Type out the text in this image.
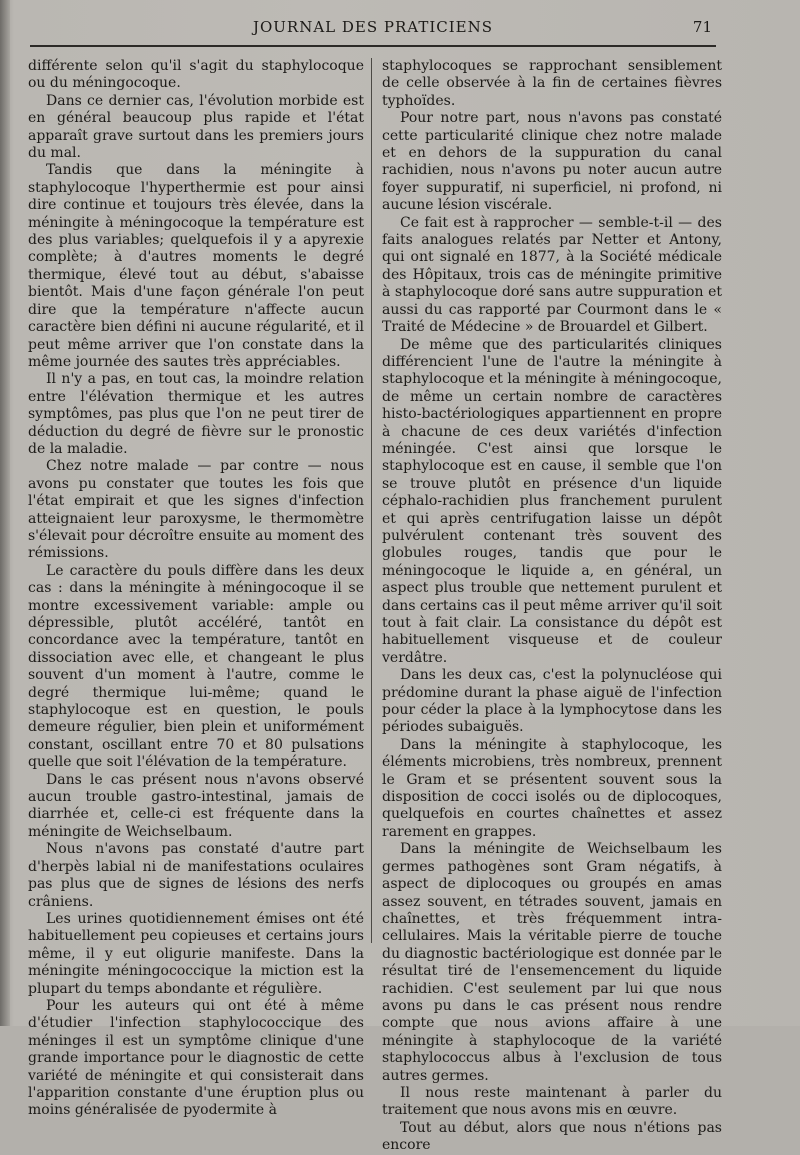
JOURNAL DES PRATICIENS	71

différente selon qu'il s'agit du staphylocoque ou du méningocoque.

Dans ce dernier cas, l'évolution morbide est en général beaucoup plus rapide et l'état apparaît grave surtout dans les premiers jours du mal.

Tandis que dans la méningite à staphylocoque l'hyperthermie est pour ainsi dire continue et toujours très élevée, dans la méningite à méningocoque la température est des plus variables; quelquefois il y a apyrexie complète; à d'autres moments le degré thermique, élevé tout au début, s'abaisse bientôt. Mais d'une façon générale l'on peut dire que la température n'affecte aucun caractère bien défini ni aucune régularité, et il peut même arriver que l'on constate dans la même journée des sautes très appréciables.

Il n'y a pas, en tout cas, la moindre relation entre l'élévation thermique et les autres symptômes, pas plus que l'on ne peut tirer de déduction du degré de fièvre sur le pronostic de la maladie.

Chez notre malade — par contre — nous avons pu constater que toutes les fois que l'état empirait et que les signes d'infection atteignaient leur paroxysme, le thermomètre s'élevait pour décroître ensuite au moment des rémissions.

Le caractère du pouls diffère dans les deux cas : dans la méningite à méningocoque il se montre excessivement variable: ample ou dépressible, plutôt accéléré, tantôt en concordance avec la température, tantôt en dissociation avec elle, et changeant le plus souvent d'un moment à l'autre, comme le degré thermique lui-même; quand le staphylocoque est en question, le pouls demeure régulier, bien plein et uniformément constant, oscillant entre 70 et 80 pulsations quelle que soit l'élévation de la température.

Dans le cas présent nous n'avons observé aucun trouble gastro-intestinal, jamais de diarrhée et, celle-ci est fréquente dans la méningite de Weichselbaum.

Nous n'avons pas constaté d'autre part d'herpès labial ni de manifestations oculaires pas plus que de signes de lésions des nerfs crâniens.

Les urines quotidiennement émises ont été habituellement peu copieuses et certains jours même, il y eut oligurie manifeste. Dans la méningite méningococcique la miction est la plupart du temps abondante et régulière.

Pour les auteurs qui ont été à même d'étudier l'infection staphylococcique des méninges il est un symptôme clinique d'une grande importance pour le diagnostic de cette variété de méningite et qui consisterait dans l'apparition constante d'une éruption plus ou moins généralisée de pyodermite à

staphylocoques se rapprochant sensiblement de celle observée à la fin de certaines fièvres typhoïdes.

Pour notre part, nous n'avons pas constaté cette particularité clinique chez notre malade et en dehors de la suppuration du canal rachidien, nous n'avons pu noter aucun autre foyer suppuratif, ni superficiel, ni profond, ni aucune lésion viscérale.

Ce fait est à rapprocher — semble-t-il — des faits analogues relatés par Netter et Antony, qui ont signalé en 1877, à la Société médicale des Hôpitaux, trois cas de méningite primitive à staphylocoque doré sans autre suppuration et aussi du cas rapporté par Courmont dans le « Traité de Médecine » de Brouardel et Gilbert.

De même que des particularités cliniques différencient l'une de l'autre la méningite à staphylocoque et la méningite à méningocoque, de même un certain nombre de caractères histo-bactériologiques appartiennent en propre à chacune de ces deux variétés d'infection méningée. C'est ainsi que lorsque le staphylocoque est en cause, il semble que l'on se trouve plutôt en présence d'un liquide céphalo-rachidien plus franchement purulent et qui après centrifugation laisse un dépôt pulvérulent contenant très souvent des globules rouges, tandis que pour le méningocoque le liquide a, en général, un aspect plus trouble que nettement purulent et dans certains cas il peut même arriver qu'il soit tout à fait clair. La consistance du dépôt est habituellement visqueuse et de couleur verdâtre.

Dans les deux cas, c'est la polynucléose qui prédomine durant la phase aiguë de l'infection pour céder la place à la lymphocytose dans les périodes subaiguës.

Dans la méningite à staphylocoque, les éléments microbiens, très nombreux, prennent le Gram et se présentent souvent sous la disposition de cocci isolés ou de diplocoques, quelquefois en courtes chaînettes et assez rarement en grappes.

Dans la méningite de Weichselbaum les germes pathogènes sont Gram négatifs, à aspect de diplocoques ou groupés en amas assez souvent, en tétrades souvent, jamais en chaînettes, et très fréquemment intra-cellulaires. Mais la véritable pierre de touche du diagnostic bactériologique est donnée par le résultat tiré de l'ensemencement du liquide rachidien. C'est seulement par lui que nous avons pu dans le cas présent nous rendre compte que nous avions affaire à une méningite à staphylocoque de la variété staphylococcus albus à l'exclusion de tous autres germes.

Il nous reste maintenant à parler du traitement que nous avons mis en œuvre.

Tout au début, alors que nous n'étions pas encore
